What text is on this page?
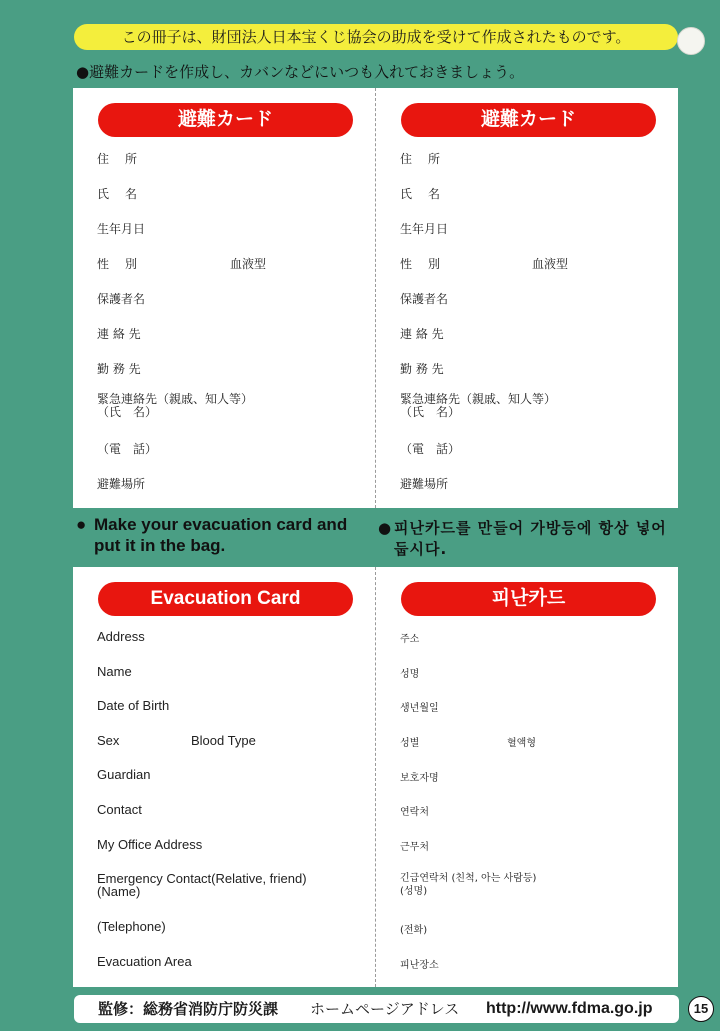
この冊子は、財団法人日本宝くじ協会の助成を受けて作成されたものです。
●避難カードを作成し、カバンなどにいつも入れておきましょう。
避難カード
住　所
氏　名
生年月日
性　別	血液型
保護者名
連 絡 先
勤 務 先
緊急連絡先（親戚、知人等）
（氏　名）
（電　話）
避難場所
避難カード
住　所
氏　名
生年月日
性　別	血液型
保護者名
連 絡 先
勤 務 先
緊急連絡先（親戚、知人等）
（氏　名）
（電　話）
避難場所
● Make your evacuation card and put it in the bag.
● 피난카드를 만들어 가방등에 항상 넣어 둡시다.
Evacuation Card
Address
Name
Date of Birth
Sex	Blood Type
Guardian
Contact
My Office Address
Emergency Contact(Relative, friend)
(Name)
(Telephone)
Evacuation Area
피난카드
주소
성명
생년월일
성별	혈액형
보호자명
연락처
근무처
긴급연락처 (친척, 아는 사람등)
(성명)
(전화)
피난장소
監修：総務省消防庁防災課 ホームページアドレス http://www.fdma.go.jp	15
